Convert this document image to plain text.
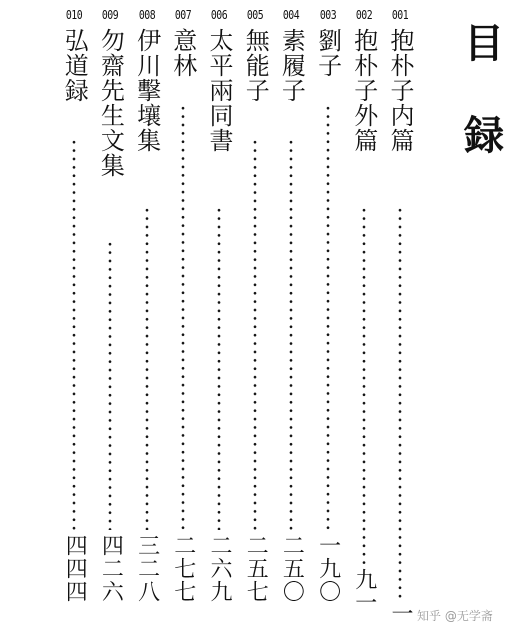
目
録
001
抱朴子内篇
一
002
抱朴子外篇
九一
003
劉子
一九〇
004
素履子
二五〇
005
無能子
二五七
006
太平兩同書
二六九
007
意林
二七七
008
伊川擊壤集
三二八
009
勿齋先生文集
四二六
010
弘道録
四四四
知乎 @无学斋
